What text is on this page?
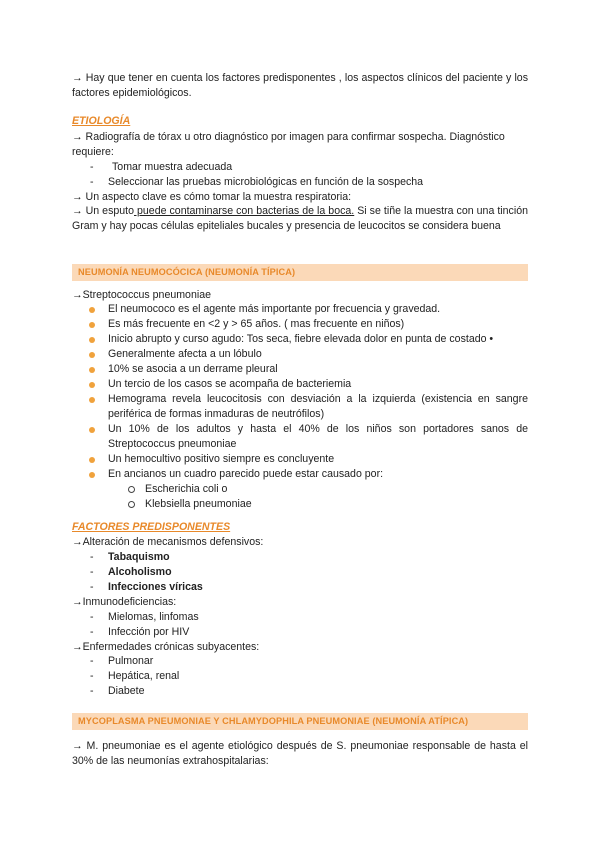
→ Hay que tener en cuenta los factores predisponentes , los aspectos clínicos del paciente y los factores epidemiológicos.

ETIOLOGÍA

→ Radiografía de tórax u otro diagnóstico por imagen para confirmar sospecha. Diagnóstico requiere:

- Tomar muestra adecuada
- Seleccionar las pruebas microbiológicas en función de la sospecha

→ Un aspecto clave es cómo tomar la muestra respiratoria:

→ Un esputo puede contaminarse con bacterias de la boca. Si se tiñe la muestra con una tinción Gram y hay pocas células epiteliales bucales y presencia de leucocitos se considera buena

NEUMONÍA NEUMOCÓCICA (NEUMONÍA TÍPICA)

→Streptococcus pneumoniae

El neumococo es el agente más importante por frecuencia y gravedad.
Es más frecuente en <2 y > 65 años. ( mas frecuente en niños)
Inicio abrupto y curso agudo: Tos seca, fiebre elevada dolor en punta de costado •
Generalmente afecta a un lóbulo
10% se asocia a un derrame pleural
Un tercio de los casos se acompaña de bacteriemia
Hemograma revela leucocitosis con desviación a la izquierda (existencia en sangre periférica de formas inmaduras de neutrófilos)
Un 10% de los adultos y hasta el 40% de los niños son portadores sanos de Streptococcus pneumoniae
Un hemocultivo positivo siempre es concluyente
En ancianos un cuadro parecido puede estar causado por:
Escherichia coli o
Klebsiella pneumoniae
FACTORES PREDISPONENTES

→Alteración de mecanismos defensivos:

- Tabaquismo
- Alcoholismo
- Infecciones víricas

→Inmunodeficiencias:

- Mielomas, linfomas
- Infección por HIV

→Enfermedades crónicas subyacentes:

- Pulmonar
- Hepática, renal
- Diabete
MYCOPLASMA PNEUMONIAE Y CHLAMYDOPHILA PNEUMONIAE (NEUMONÍA ATÍPICA)

→ M. pneumoniae es el agente etiológico después de S. pneumoniae responsable de hasta el 30% de las neumonías extrahospitalarias:
